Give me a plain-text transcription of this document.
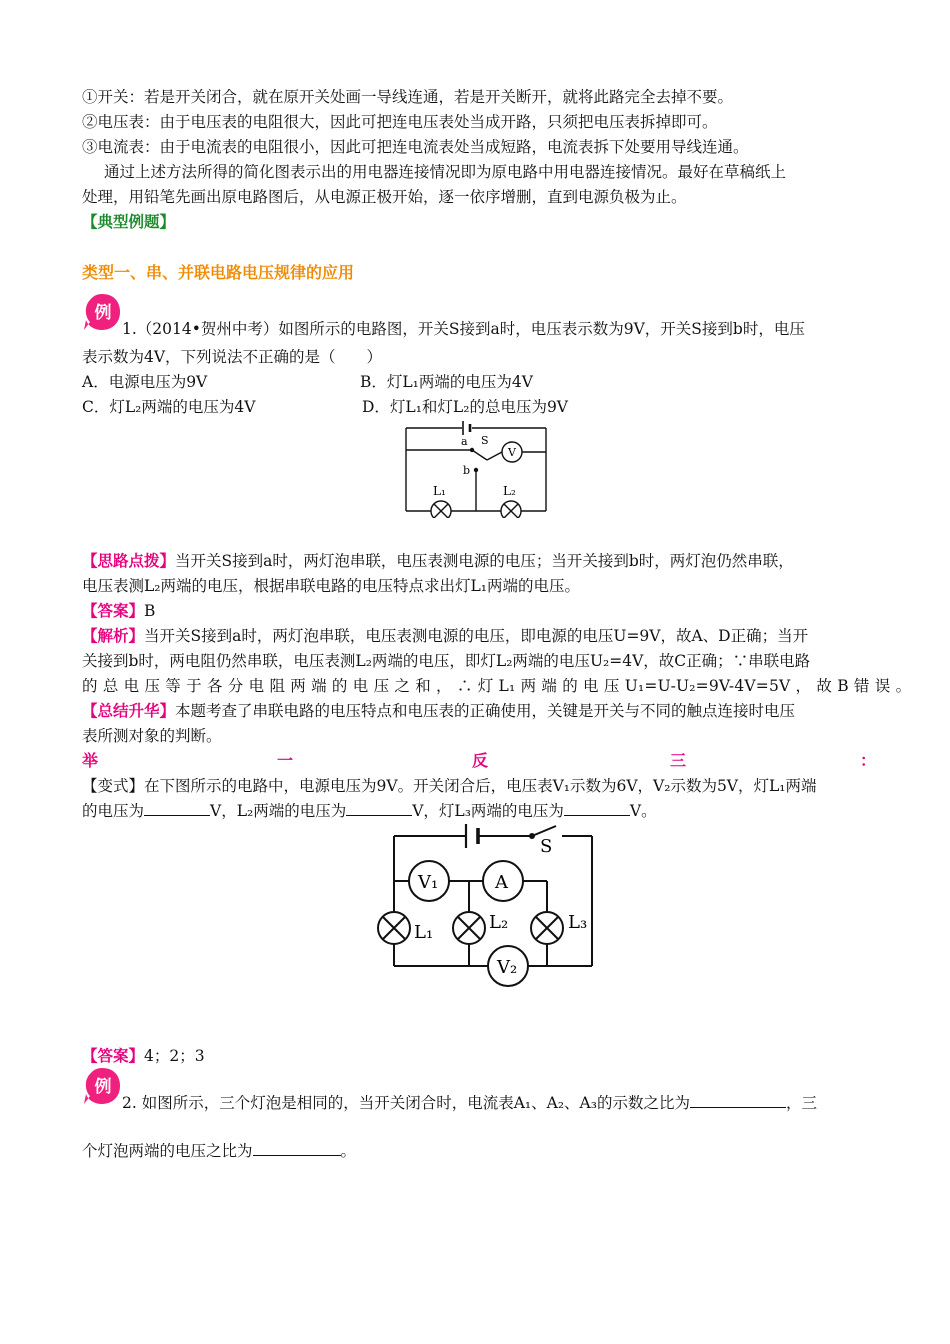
①开关：若是开关闭合，就在原开关处画一导线连通，若是开关断开，就将此路完全去掉不要。
②电压表：由于电压表的电阻很大，因此可把连电压表处当成开路，只须把电压表拆掉即可。
③电流表：由于电流表的电阻很小，因此可把连电流表处当成短路，电流表拆下处要用导线连通。
通过上述方法所得的简化图表示出的用电器连接情况即为原电路中用电器连接情况。最好在草稿纸上
处理，用铅笔先画出原电路图后，从电源正极开始，逐一依序增删，直到电源负极为止。
【典型例题】
类型一、串、并联电路电压规律的应用
例
1.（2014•贺州中考）如图所示的电路图，开关S接到a时，电压表示数为9V，开关S接到b时，电压
表示数为4V，下列说法不正确的是（　　）
A．电源电压为9V	B．灯L₁两端的电压为4V
C．灯L₂两端的电压为4V	D．灯L₁和灯L₂的总电压为9V
a S
b
V
L₁	L₂
【思路点拨】当开关S接到a时，两灯泡串联，电压表测电源的电压；当开关接到b时，两灯泡仍然串联，
电压表测L₂两端的电压，根据串联电路的电压特点求出灯L₁两端的电压。
【答案】B
【解析】当开关S接到a时，两灯泡串联，电压表测电源的电压，即电源的电压U=9V，故A、D正确；当开
关接到b时，两电阻仍然串联，电压表测L₂两端的电压，即灯L₂两端的电压U₂=4V，故C正确；∵串联电路
的 总 电 压 等 于 各 分 电 阻 两 端 的 电 压 之 和 ， ∴ 灯 L₁ 两 端 的 电 压 U₁=U-U₂=9V-4V=5V ， 故 B 错 误 。
【总结升华】本题考查了串联电路的电压特点和电压表的正确使用，关键是开关与不同的触点连接时电压
表所测对象的判断。
举	一	反	三	：
【变式】在下图所示的电路中，电源电压为9V。开关闭合后，电压表V₁示数为6V，V₂示数为5V，灯L₁两端
的电压为	V，L₂两端的电压为	V，灯L₃两端的电压为	V。
S
V₁	A
V₂
L₁	L₂	L₃
【答案】4；2；3
例
2. 如图所示，三个灯泡是相同的，当开关闭合时，电流表A₁、A₂、A₃的示数之比为	，三
个灯泡两端的电压之比为	。
